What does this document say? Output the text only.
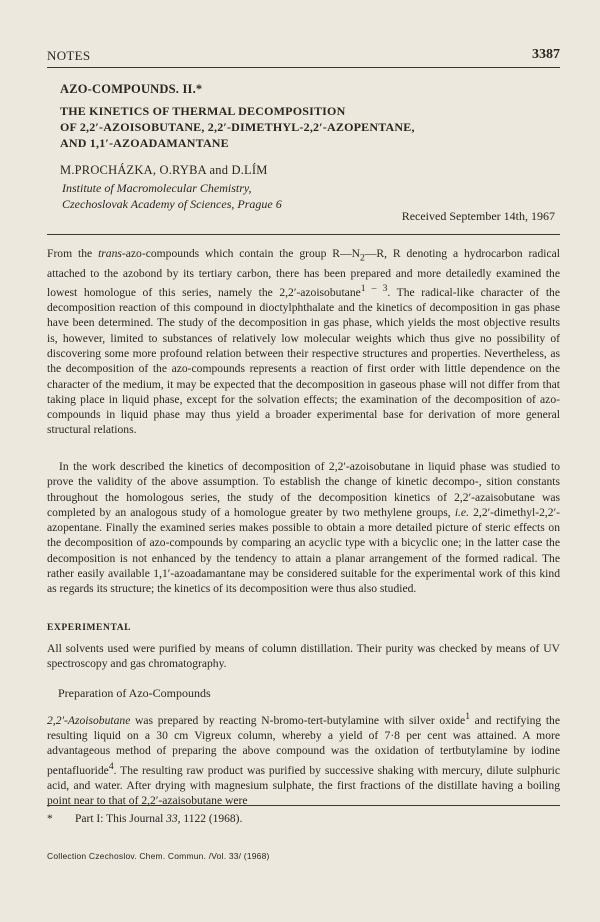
NOTES	3387
AZO-COMPOUNDS. II.*
THE KINETICS OF THERMAL DECOMPOSITION
OF 2,2′-AZOISOBUTANE, 2,2′-DIMETHYL-2,2′-AZOPENTANE,
AND 1,1′-AZOADAMANTANE
M.PROCHÁZKA, O.RYBA and D.LÍM
Institute of Macromolecular Chemistry,
Czechoslovak Academy of Sciences, Prague 6
Received September 14th, 1967

From the trans-azo-compounds which contain the group $R—N_2—R$, R denoting a hydrocarbon radical attached to the azobond by its tertiary carbon, there has been prepared and more detailedly examined the lowest homologue of this series, namely the 2,2′-azoisobutane$^{1 - 3}$. The radical-like character of the decomposition reaction of this compound in dioctylphthalate and the kinetics of decomposition in gas phase have been determined. The study of the decomposition in gas phase, which yields the most objective results is, however, limited to substances of relatively low molecular weights which thus give no possibility of discovering some more profound relation between their respective structures and properties. Nevertheless, as the decomposition of the azo-compounds represents a reaction of first order with little dependence on the character of the medium, it may be expected that the decomposition in gaseous phase will not differ from that taking place in liquid phase, except for the solvation effects; the examination of the decomposition of azo-compounds in liquid phase may thus yield a broader experimental base for derivation of more general structural relations.

In the work described the kinetics of decomposition of 2,2′-azoisobutane in liquid phase was studied to prove the validity of the above assumption. To establish the change of kinetic decompo-, sition constants throughout the homologous series, the study of the decomposition kinetics of 2,2′-azaisobutane was completed by an analogous study of a homologue greater by two methylene groups, i.e. 2,2′-dimethyl-2,2′-azopentane. Finally the examined series makes possible to obtain a more detailed picture of steric effects on the decomposition of azo-compounds by comparing an acyclic type with a bicyclic one; in the latter case the decomposition is not enhanced by the tendency to attain a planar arrangement of the formed radical. The rather easily available 1,1′-azoadamantane may be considered suitable for the experimental work of this kind as regards its structure; the kinetics of its decomposition were thus also studied.

EXPERIMENTAL

All solvents used were purified by means of column distillation. Their purity was checked by means of UV spectroscopy and gas chromatography.

Preparation of Azo-Compounds

2,2′-Azoisobutane was prepared by reacting N-bromo-tert-butylamine with silver oxide$^1$ and rectifying the resulting liquid on a 30 cm Vigreux column, whereby a yield of 7·8 per cent was attained. A more advantageous method of preparing the above compound was the oxidation of tertbutylamine by iodine pentafluoride$^4$. The resulting raw product was purified by successive shaking with mercury, dilute sulphuric acid, and water. After drying with magnesium sulphate, the first fractions of the distillate having a boiling point near to that of 2,2′-azaisobutane were

* Part I: This Journal 33, 1122 (1968).
Collection Czechoslov. Chem. Commun. /Vol. 33/ (1968)
